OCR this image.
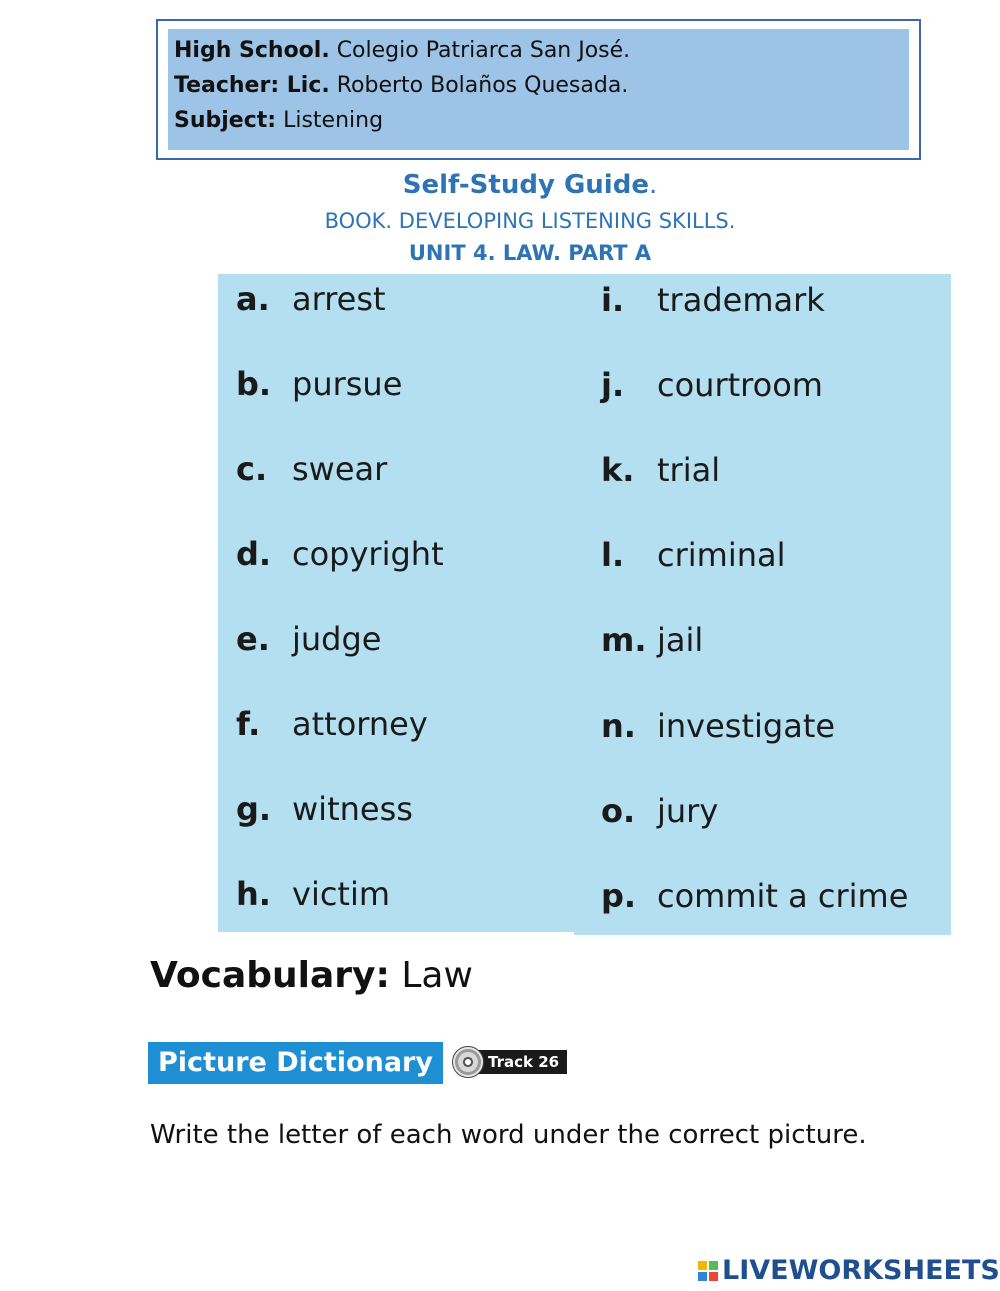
High School. Colegio Patriarca San José.
Teacher: Lic. Roberto Bolaños Quesada.
Subject: Listening
Self-Study Guide.
BOOK. DEVELOPING LISTENING SKILLS.
UNIT 4. LAW. PART A
a. arrest
b. pursue
c. swear
d. copyright
e. judge
f. attorney
g. witness
h. victim
i. trademark
j. courtroom
k. trial
l. criminal
m. jail
n. investigate
o. jury
p. commit a crime
Vocabulary: Law
Picture Dictionary	Track 26
Write the letter of each word under the correct picture.
LIVEWORKSHEETS
